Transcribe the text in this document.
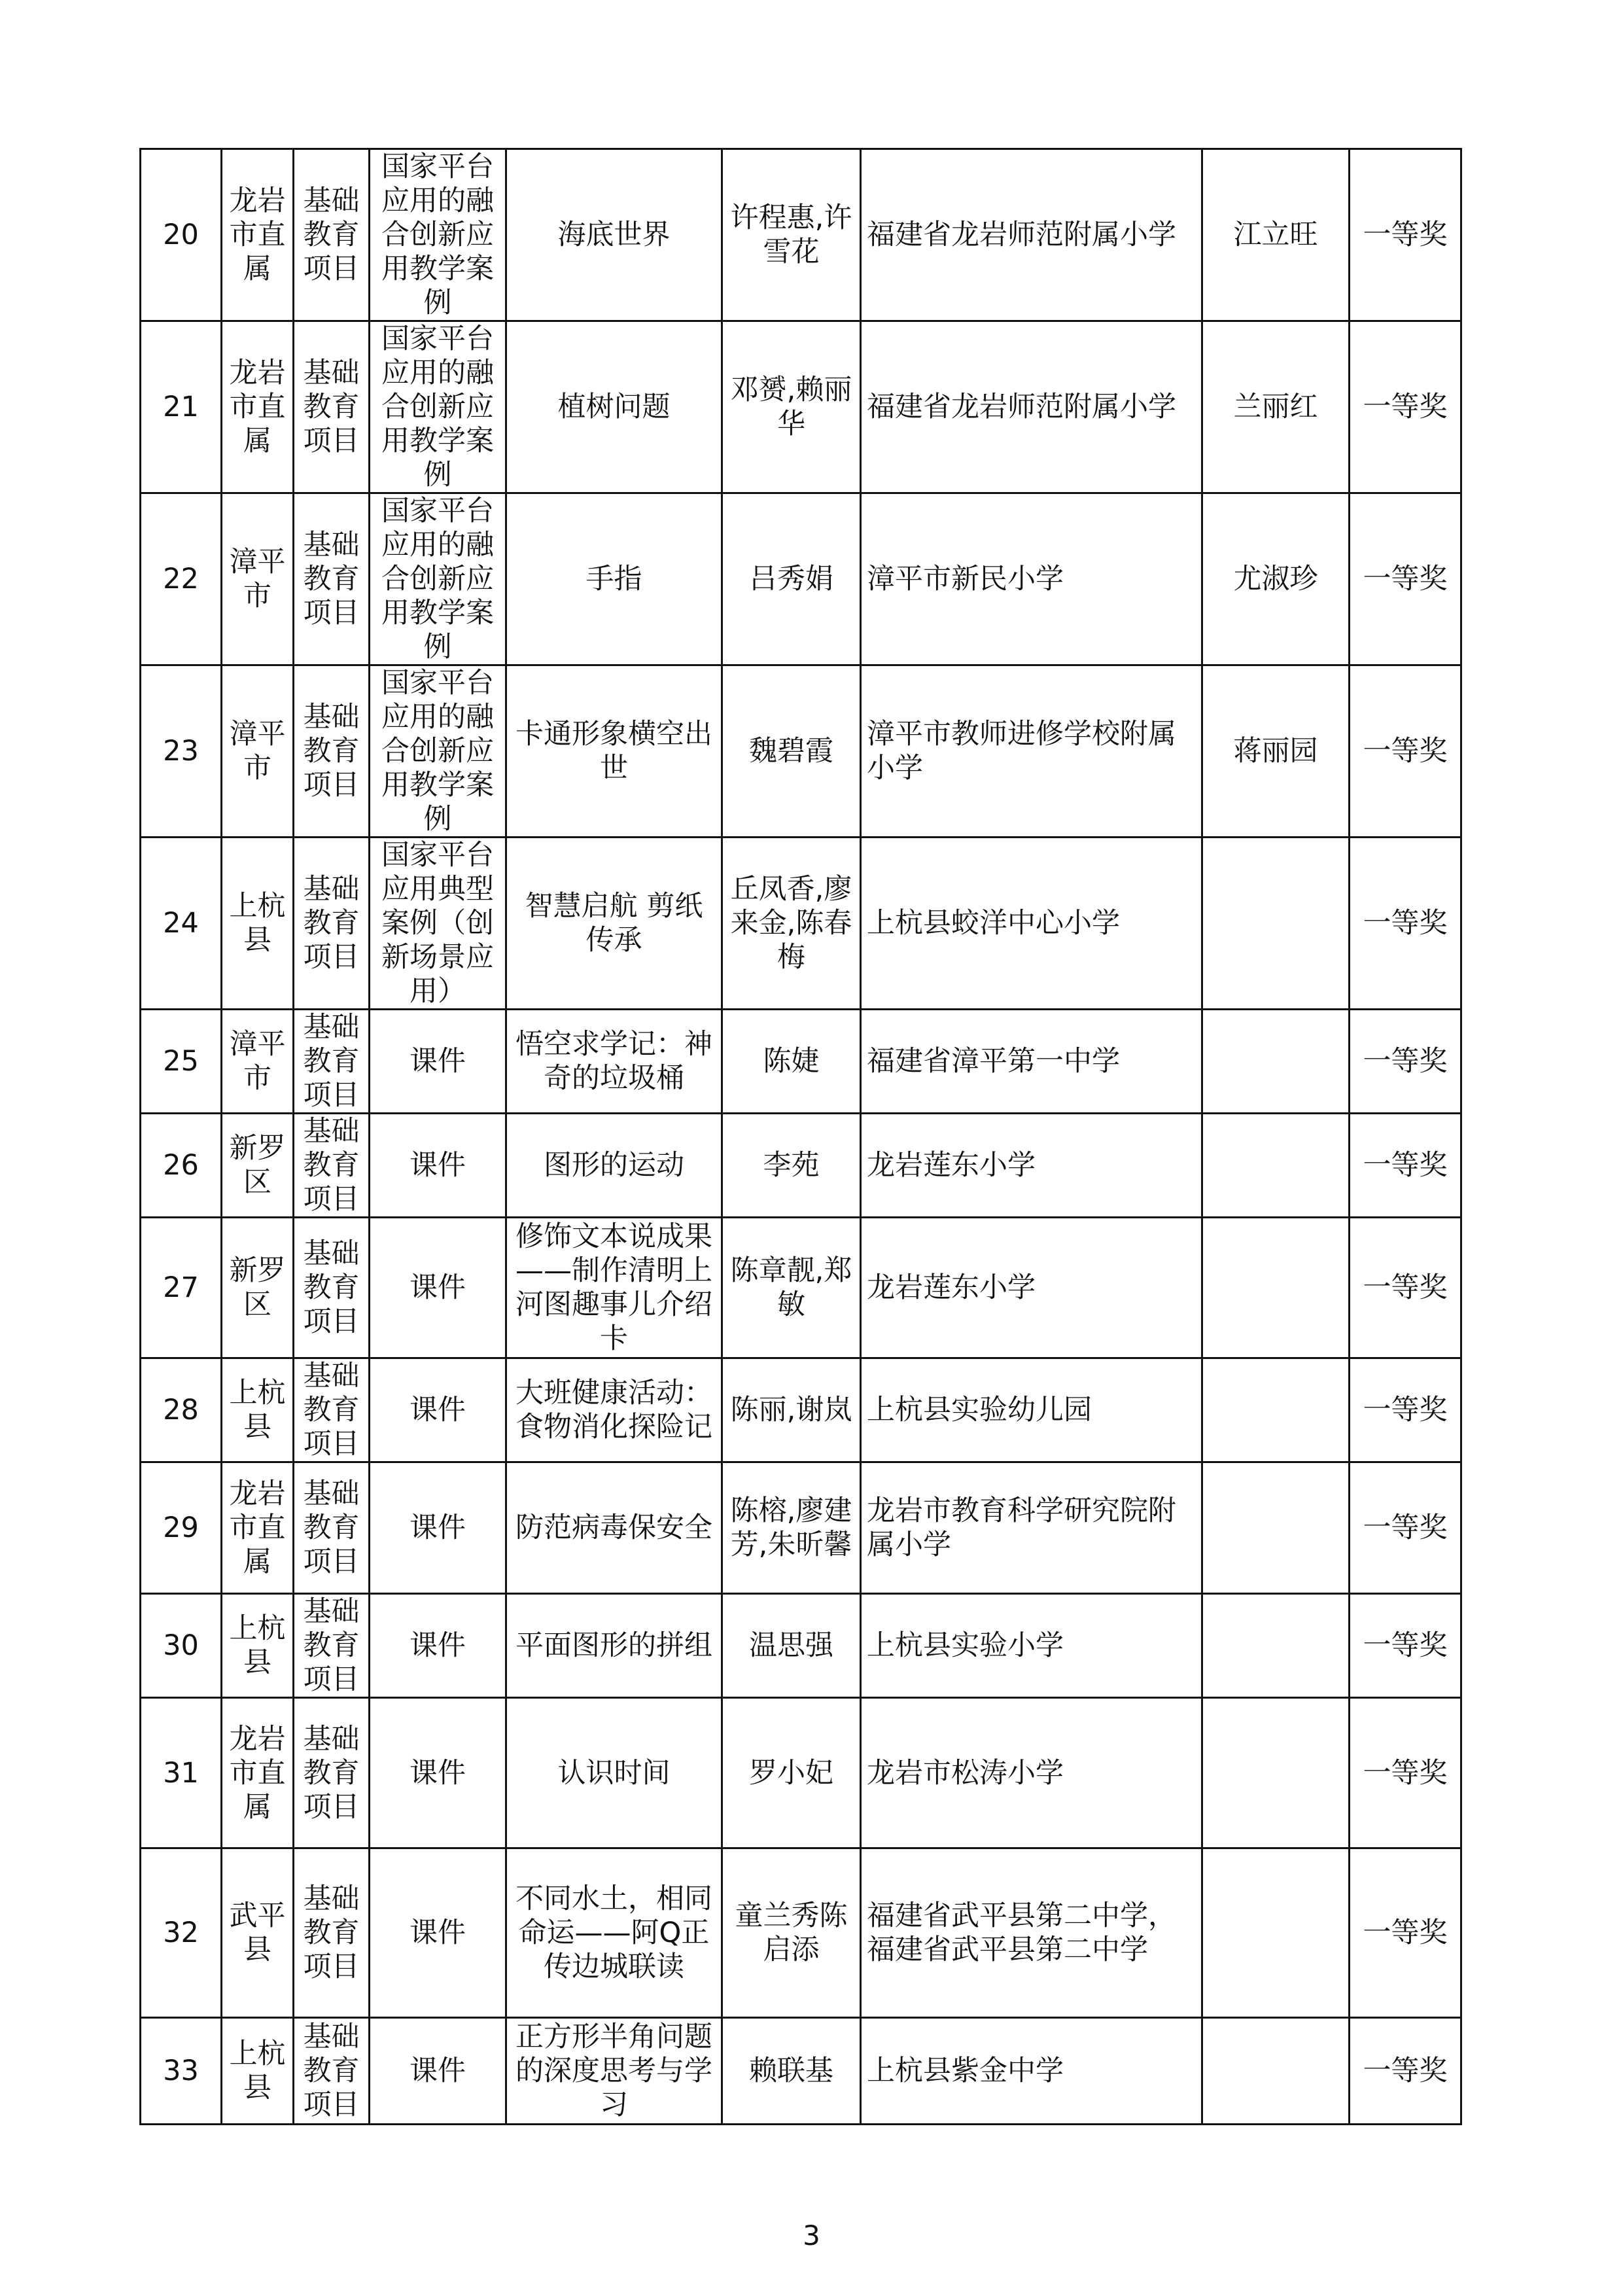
20	龙岩市直属	基础教育项目	国家平台应用的融合创新应用教学案例	海底世界	许程惠,许雪花	福建省龙岩师范附属小学	江立旺	一等奖
21	龙岩市直属	基础教育项目	国家平台应用的融合创新应用教学案例	植树问题	邓赟,赖丽华	福建省龙岩师范附属小学	兰丽红	一等奖
22	漳平市	基础教育项目	国家平台应用的融合创新应用教学案例	手指	吕秀娟	漳平市新民小学	尤淑珍	一等奖
23	漳平市	基础教育项目	国家平台应用的融合创新应用教学案例	卡通形象横空出世	魏碧霞	漳平市教师进修学校附属小学	蒋丽园	一等奖
24	上杭县	基础教育项目	国家平台应用典型案例（创新场景应用）	智慧启航 剪纸传承	丘凤香,廖来金,陈春梅	上杭县蛟洋中心小学		一等奖
25	漳平市	基础教育项目	课件	悟空求学记：神奇的垃圾桶	陈婕	福建省漳平第一中学		一等奖
26	新罗区	基础教育项目	课件	图形的运动	李苑	龙岩莲东小学		一等奖
27	新罗区	基础教育项目	课件	修饰文本说成果——制作清明上河图趣事儿介绍卡	陈章靓,郑敏	龙岩莲东小学		一等奖
28	上杭县	基础教育项目	课件	大班健康活动：食物消化探险记	陈丽,谢岚	上杭县实验幼儿园		一等奖
29	龙岩市直属	基础教育项目	课件	防范病毒保安全	陈榕,廖建芳,朱昕馨	龙岩市教育科学研究院附属小学		一等奖
30	上杭县	基础教育项目	课件	平面图形的拼组	温思强	上杭县实验小学		一等奖
31	龙岩市直属	基础教育项目	课件	认识时间	罗小妃	龙岩市松涛小学		一等奖
32	武平县	基础教育项目	课件	不同水土，相同命运——阿Q正传边城联读	童兰秀陈启添	福建省武平县第二中学，福建省武平县第二中学		一等奖
33	上杭县	基础教育项目	课件	正方形半角问题的深度思考与学习	赖联基	上杭县紫金中学		一等奖
3
